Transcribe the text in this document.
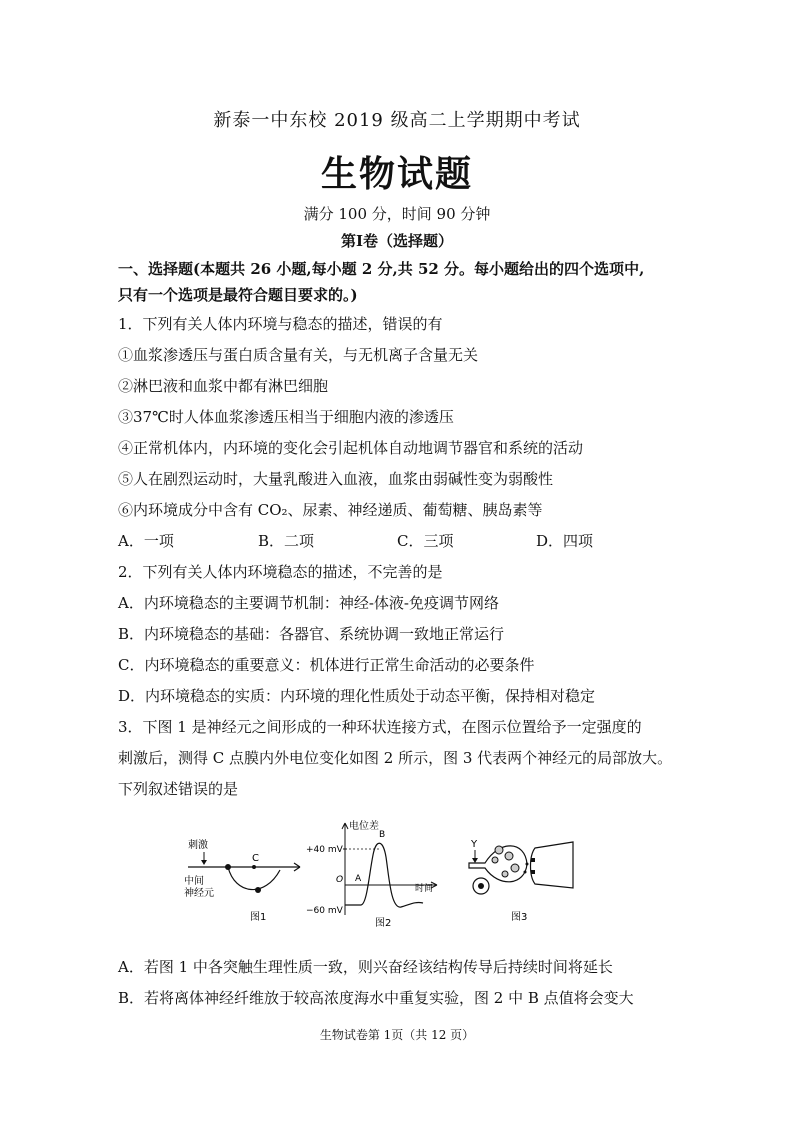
新泰一中东校 2019 级高二上学期期中考试
生物试题
满分 100 分，时间 90 分钟
第Ⅰ卷（选择题）
一、选择题(本题共 26 小题,每小题 2 分,共 52 分。每小题给出的四个选项中,
只有一个选项是最符合题目要求的。)
1．下列有关人体内环境与稳态的描述，错误的有
①血浆渗透压与蛋白质含量有关，与无机离子含量无关
②淋巴液和血浆中都有淋巴细胞
③37℃时人体血浆渗透压相当于细胞内液的渗透压
④正常机体内，内环境的变化会引起机体自动地调节器官和系统的活动
⑤人在剧烈运动时，大量乳酸进入血液，血浆由弱碱性变为弱酸性
⑥内环境成分中含有 CO₂、尿素、神经递质、葡萄糖、胰岛素等
A．一项	B．二项	C．三项	D．四项
2．下列有关人体内环境稳态的描述，不完善的是
A．内环境稳态的主要调节机制：神经-体液-免疫调节网络
B．内环境稳态的基础：各器官、系统协调一致地正常运行
C．内环境稳态的重要意义：机体进行正常生命活动的必要条件
D．内环境稳态的实质：内环境的理化性质处于动态平衡，保持相对稳定
3．下图 1 是神经元之间形成的一种环状连接方式，在图示位置给予一定强度的
刺激后，测得 C 点膜内外电位变化如图 2 所示，图 3 代表两个神经元的局部放大。
下列叙述错误的是
刺激
C
中间
神经元
图1
电位差
时间
+40 mV
−60 mV
O A
B
图2
Y
图3
A．若图 1 中各突触生理性质一致，则兴奋经该结构传导后持续时间将延长
B．若将离体神经纤维放于较高浓度海水中重复实验，图 2 中 B 点值将会变大
生物试卷第 1页（共 12 页）
